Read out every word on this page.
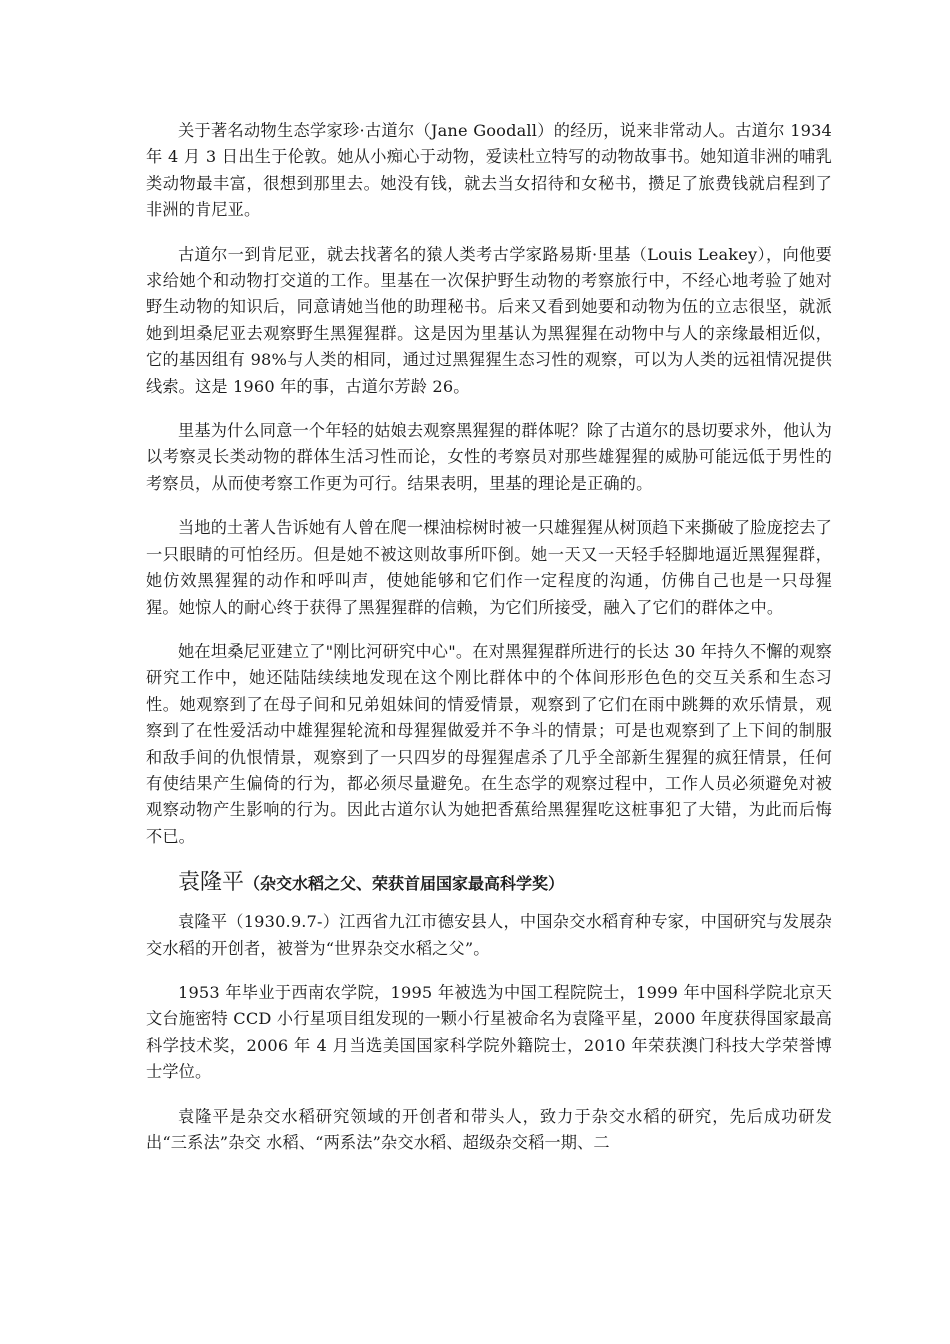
关于著名动物生态学家珍·古道尔（Jane Goodall）的经历，说来非常动人。古道尔 1934 年 4 月 3 日出生于伦敦。她从小痴心于动物，爱读杜立特写的动物故事书。她知道非洲的哺乳类动物最丰富，很想到那里去。她没有钱，就去当女招待和女秘书，攒足了旅费钱就启程到了非洲的肯尼亚。

古道尔一到肯尼亚，就去找著名的猿人类考古学家路易斯·里基（Louis Leakey），向他要求给她个和动物打交道的工作。里基在一次保护野生动物的考察旅行中，不经心地考验了她对野生动物的知识后，同意请她当他的助理秘书。后来又看到她要和动物为伍的立志很坚，就派她到坦桑尼亚去观察野生黑猩猩群。这是因为里基认为黑猩猩在动物中与人的亲缘最相近似，它的基因组有 98%与人类的相同，通过过黑猩猩生态习性的观察，可以为人类的远祖情况提供线索。这是 1960 年的事，古道尔芳龄 26。

里基为什么同意一个年轻的姑娘去观察黑猩猩的群体呢？除了古道尔的恳切要求外，他认为以考察灵长类动物的群体生活习性而论，女性的考察员对那些雄猩猩的威胁可能远低于男性的考察员，从而使考察工作更为可行。结果表明，里基的理论是正确的。

当地的土著人告诉她有人曾在爬一棵油棕树时被一只雄猩猩从树顶趋下来撕破了脸庞挖去了一只眼睛的可怕经历。但是她不被这则故事所吓倒。她一天又一天轻手轻脚地逼近黑猩猩群，她仿效黑猩猩的动作和呼叫声，使她能够和它们作一定程度的沟通，仿佛自己也是一只母猩猩。她惊人的耐心终于获得了黑猩猩群的信赖，为它们所接受，融入了它们的群体之中。

她在坦桑尼亚建立了"刚比河研究中心"。在对黑猩猩群所进行的长达 30 年持久不懈的观察研究工作中，她还陆陆续续地发现在这个刚比群体中的个体间形形色色的交互关系和生态习性。她观察到了在母子间和兄弟姐妹间的情爱情景，观察到了它们在雨中跳舞的欢乐情景，观察到了在性爱活动中雄猩猩轮流和母猩猩做爱并不争斗的情景；可是也观察到了上下间的制服和敌手间的仇恨情景，观察到了一只四岁的母猩猩虐杀了几乎全部新生猩猩的疯狂情景，任何有使结果产生偏倚的行为，都必须尽量避免。在生态学的观察过程中，工作人员必须避免对被观察动物产生影响的行为。因此古道尔认为她把香蕉给黑猩猩吃这桩事犯了大错，为此而后悔不已。

袁隆平（杂交水稻之父、荣获首届国家最高科学奖）

袁隆平（1930.9.7-）江西省九江市德安县人，中国杂交水稻育种专家，中国研究与发展杂交水稻的开创者，被誉为“世界杂交水稻之父”。

1953 年毕业于西南农学院，1995 年被选为中国工程院院士，1999 年中国科学院北京天文台施密特 CCD 小行星项目组发现的一颗小行星被命名为袁隆平星，2000 年度获得国家最高科学技术奖，2006 年 4 月当选美国国家科学院外籍院士，2010 年荣获澳门科技大学荣誉博士学位。

袁隆平是杂交水稻研究领域的开创者和带头人，致力于杂交水稻的研究，先后成功研发出“三系法”杂交 水稻、“两系法”杂交水稻、超级杂交稻一期、二
